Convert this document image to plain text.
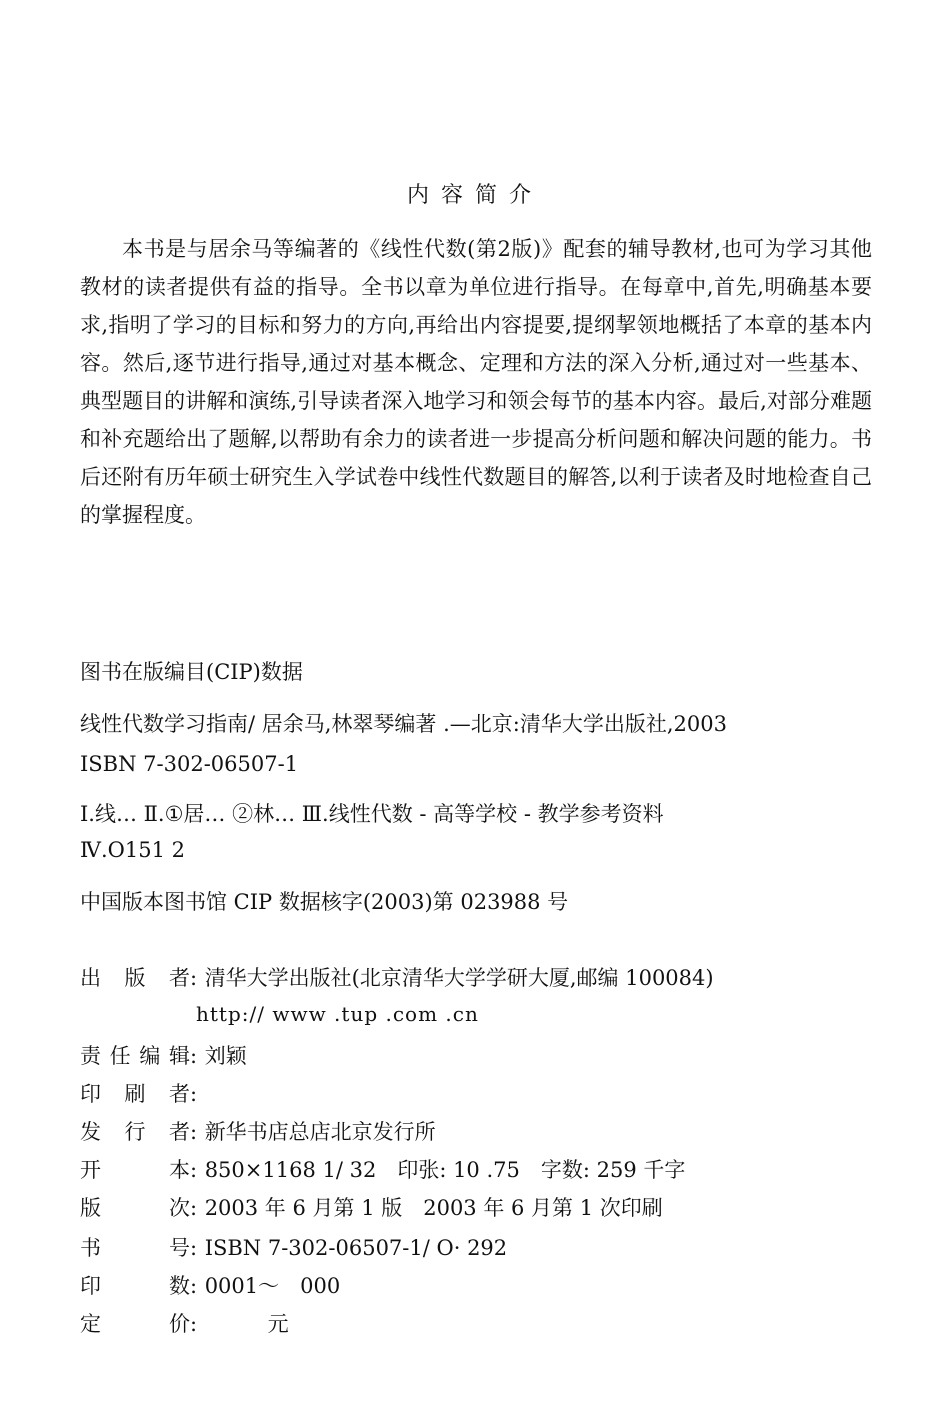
内容简介
本书是与居余马等编著的《线性代数(第2版)》配套的辅导教材,也可为学习其他教材的读者提供有益的指导。全书以章为单位进行指导。在每章中,首先,明确基本要求,指明了学习的目标和努力的方向,再给出内容提要,提纲挈领地概括了本章的基本内容。然后,逐节进行指导,通过对基本概念、定理和方法的深入分析,通过对一些基本、典型题目的讲解和演练,引导读者深入地学习和领会每节的基本内容。最后,对部分难题和补充题给出了题解,以帮助有余力的读者进一步提高分析问题和解决问题的能力。书后还附有历年硕士研究生入学试卷中线性代数题目的解答,以利于读者及时地检查自己的掌握程度。
图书在版编目(CIP)数据
线性代数学习指南/ 居余马,林翠琴编著 .—北京:清华大学出版社,2003
ISBN 7-302-06507-1
Ⅰ.线… Ⅱ.①居… ②林… Ⅲ.线性代数 - 高等学校 - 教学参考资料
Ⅳ.O151 2
中国版本图书馆 CIP 数据核字(2003)第 023988 号
出版者: 清华大学出版社(北京清华大学学研大厦,邮编 100084)
http:// www .tup .com .cn
责任编辑: 刘颖
印刷者:
发行者: 新华书店总店北京发行所
开本: 850×1168 1/ 32　印张: 10 .75　字数: 259 千字
版次: 2003 年 6 月第 1 版　2003 年 6 月第 1 次印刷
书号: ISBN 7-302-06507-1/ O· 292
印数: 0001～　000
定价: 　　　元
